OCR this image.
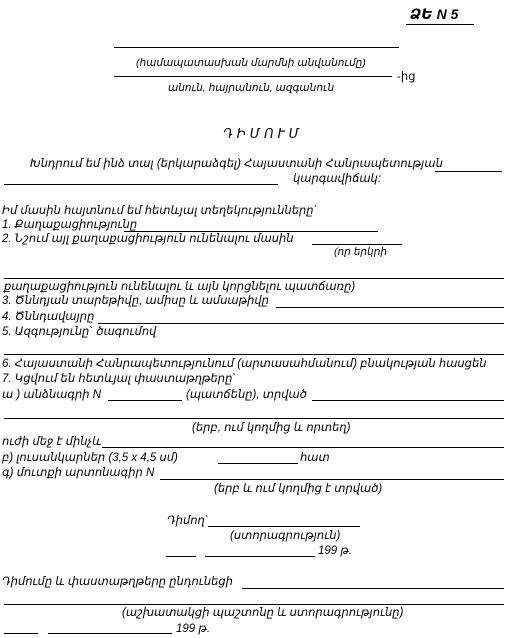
ՁԵ N 5
(համապատասխան մարմնի անվանումը)
-ից
անուն, հայրանուն, ազգանուն
ԴԻՄՈՒՄ
Խնդրում եմ ինձ տալ (երկարաձգել) Հայաստանի Հանրապետության
կարգավիճակ:
Իմ մասին հայտնում եմ հետևյալ տեղեկությունները`
1. Քաղաքացիությունը
2. Նշում այլ քաղաքացիություն ունենալու մասին
(որ երկրի
քաղաքացիություն ունենալու և այն կորցնելու պատճառը)
3. Ծննդյան տարեթիվը, ամիսը և ամսաթիվը
4. Ծննդավայրը
5. Ազգությունը` ծագումով
6. Հայաստանի Հանրապետությունում (արտասահմանում) բնակության հասցեն
7. Կցվում են հետևյալ փաստաթղթերը`
ա ) անձնագրի N	(պատճենը), տրված
(երբ, ում կողմից և որտեղ)
ուժի մեջ է մինչև
բ) լուսանկարներ (3,5 x 4,5 սմ)	հատ
գ) մուտքի արտոնագիր N
(երբ և ում կողմից է տրված)
Դիմող`
(ստորագրություն)
199 թ.
Դիմումը և փաստաթղթերը ընդունեցի
(աշխատակցի պաշտոնը և ստորագրությունը)
199 թ.
